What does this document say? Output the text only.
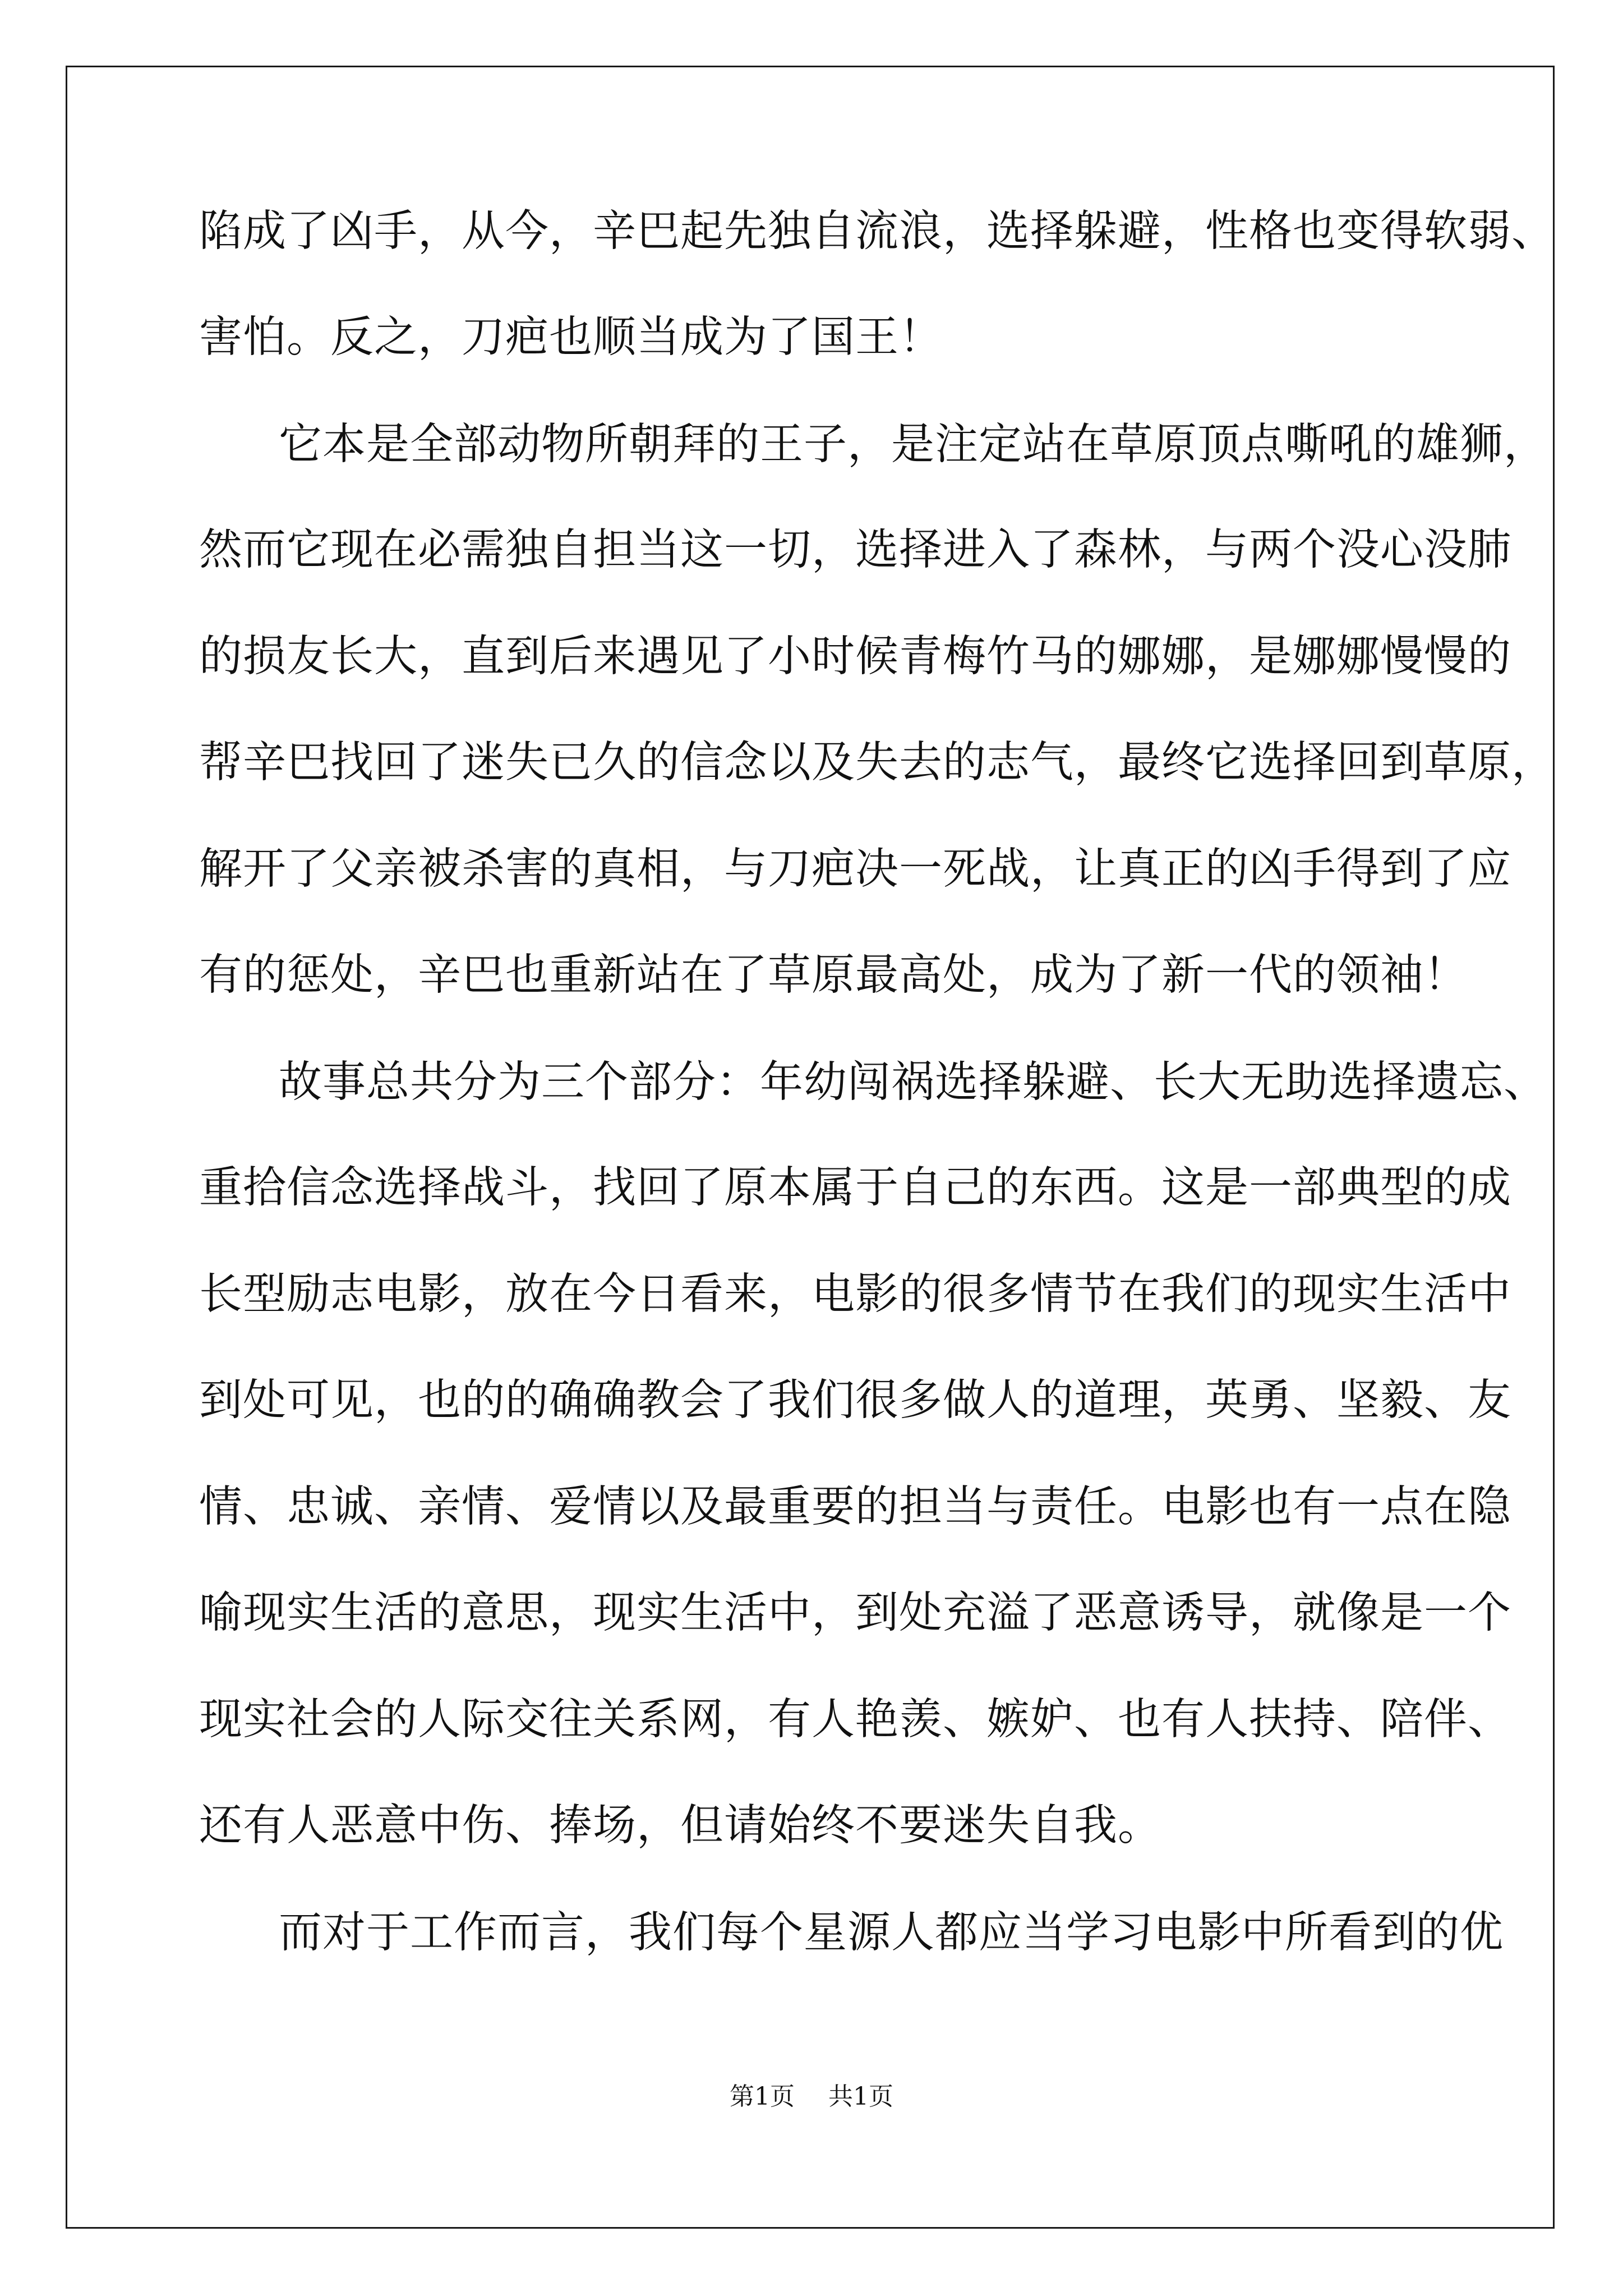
陷成了凶手，从今，辛巴起先独自流浪，选择躲避，性格也变得软弱、
害怕。反之，刀疤也顺当成为了国王！
它本是全部动物所朝拜的王子，是注定站在草原顶点嘶吼的雄狮，
然而它现在必需独自担当这一切，选择进入了森林，与两个没心没肺
的损友长大，直到后来遇见了小时候青梅竹马的娜娜，是娜娜慢慢的
帮辛巴找回了迷失已久的信念以及失去的志气，最终它选择回到草原，
解开了父亲被杀害的真相，与刀疤决一死战，让真正的凶手得到了应
有的惩处，辛巴也重新站在了草原最高处，成为了新一代的领袖！
故事总共分为三个部分：年幼闯祸选择躲避、长大无助选择遗忘、
重拾信念选择战斗，找回了原本属于自己的东西。这是一部典型的成
长型励志电影，放在今日看来，电影的很多情节在我们的现实生活中
到处可见，也的的确确教会了我们很多做人的道理，英勇、坚毅、友
情、忠诚、亲情、爱情以及最重要的担当与责任。电影也有一点在隐
喻现实生活的意思，现实生活中，到处充溢了恶意诱导，就像是一个
现实社会的人际交往关系网，有人艳羡、嫉妒、也有人扶持、陪伴、
还有人恶意中伤、捧场，但请始终不要迷失自我。
而对于工作而言，我们每个星源人都应当学习电影中所看到的优
第1页 共1页
